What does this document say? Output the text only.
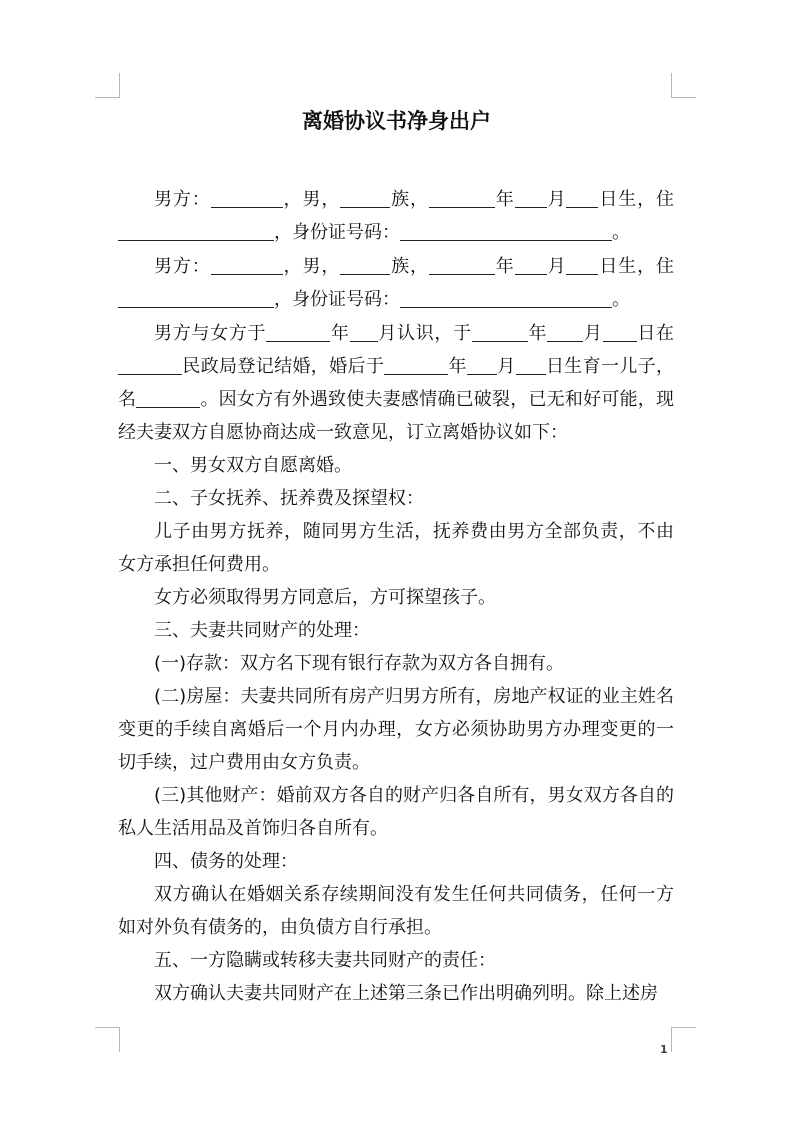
离婚协议书净身出户

男方：	，男，	族，	年 月 日生，住，身份证号码：	。

男方：	，男，	族，	年 月 日生，住，身份证号码：	。

男方与女方于	年 月认识，于	年 月 日在民政局登记结婚，婚后于	年 月 日生育一儿子，名	。因女方有外遇致使夫妻感情确已破裂，已无和好可能，现经夫妻双方自愿协商达成一致意见，订立离婚协议如下：

一、男女双方自愿离婚。

二、子女抚养、抚养费及探望权：

儿子由男方抚养，随同男方生活，抚养费由男方全部负责，不由女方承担任何费用。

女方必须取得男方同意后，方可探望孩子。

三、夫妻共同财产的处理：

(一)存款：双方名下现有银行存款为双方各自拥有。

(二)房屋：夫妻共同所有房产归男方所有，房地产权证的业主姓名变更的手续自离婚后一个月内办理，女方必须协助男方办理变更的一切手续，过户费用由女方负责。

(三)其他财产：婚前双方各自的财产归各自所有，男女双方各自的私人生活用品及首饰归各自所有。

四、债务的处理：

双方确认在婚姻关系存续期间没有发生任何共同债务，任何一方如对外负有债务的，由负债方自行承担。

五、一方隐瞒或转移夫妻共同财产的责任：

双方确认夫妻共同财产在上述第三条已作出明确列明。除上述房

1
